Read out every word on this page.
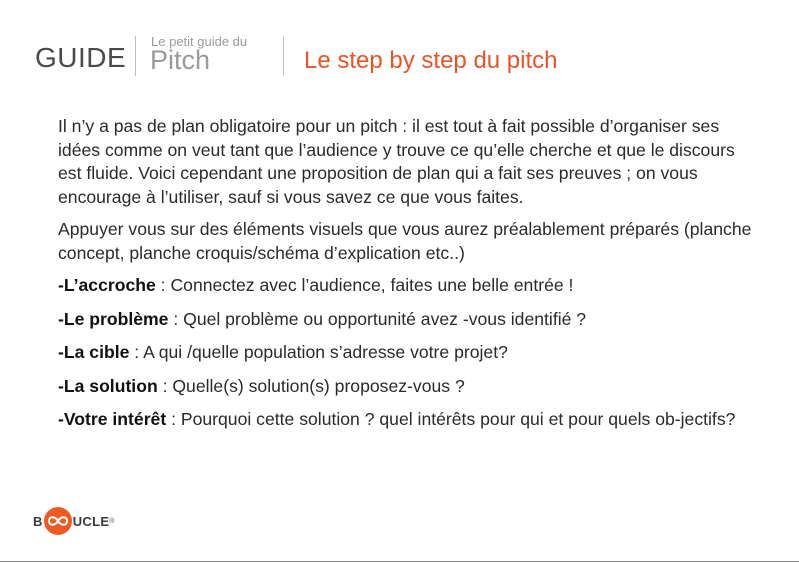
GUIDE
Le petit guide du
Pitch	Le step by step du pitch

Il n’y a pas de plan obligatoire pour un pitch : il est tout à fait possible d’organiser ses idées comme on veut tant que l’audience y trouve ce qu’elle cherche et que le discours est fluide. Voici cependant une proposition de plan qui a fait ses preuves ; on vous encourage à l’utiliser, sauf si vous savez ce que vous faites.

Appuyer vous sur des éléments visuels que vous aurez préalablement préparés (planche concept, planche croquis/schéma d’explication etc..)

-L’accroche : Connectez avec l’audience, faites une belle entrée !
-Le problème : Quel problème ou opportunité avez -vous identifié ?
-La cible : A qui /quelle population s’adresse votre projet?
-La solution : Quelle(s) solution(s) proposez-vous ?
-Votre intérêt : Pourquoi cette solution ? quel intérêts pour qui et pour quels ob-jectifs?
B UCLE ®
